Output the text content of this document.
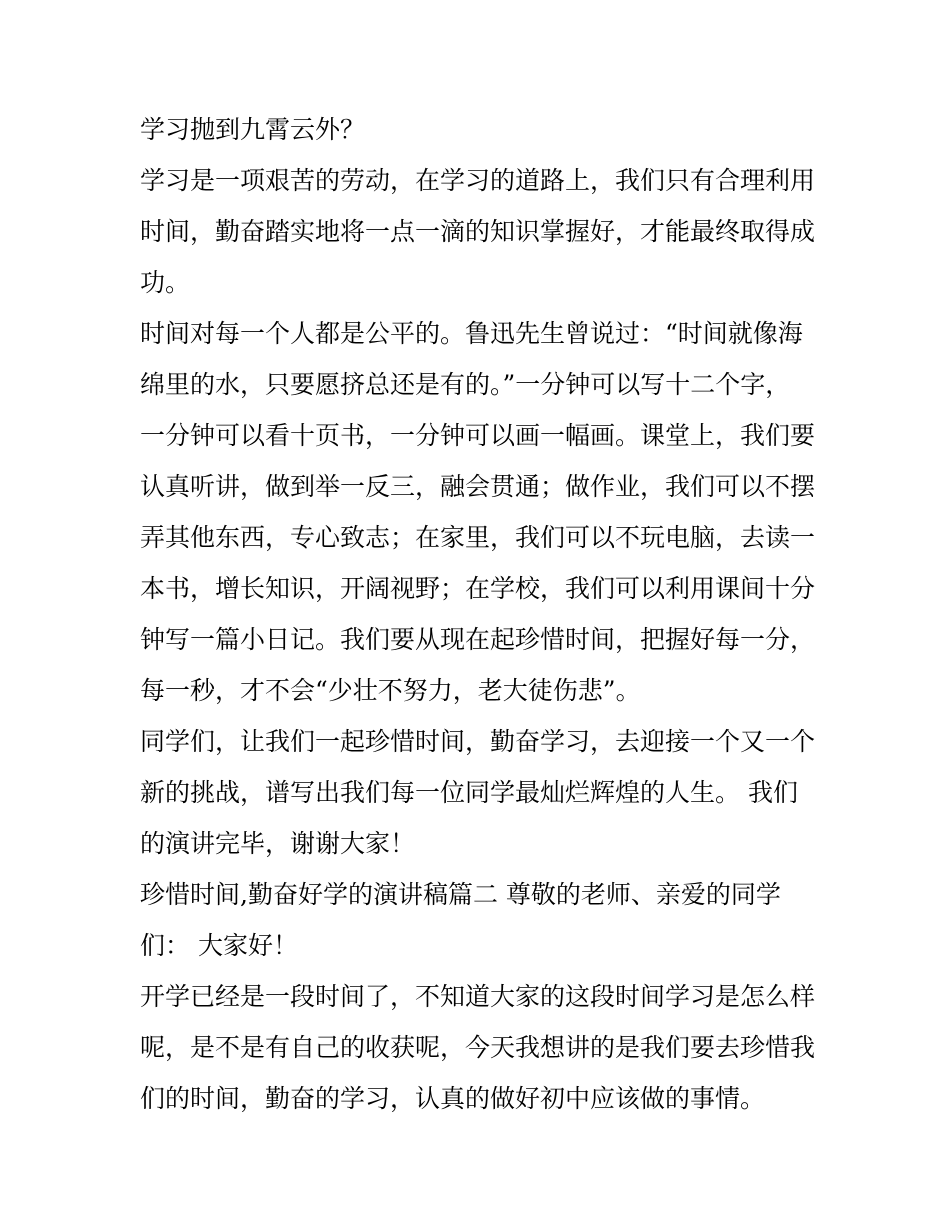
学习抛到九霄云外？

学习是一项艰苦的劳动，在学习的道路上，我们只有合理利用

时间，勤奋踏实地将一点一滴的知识掌握好，才能最终取得成

功。

时间对每一个人都是公平的。鲁迅先生曾说过：“时间就像海

绵里的水，只要愿挤总还是有的。”一分钟可以写十二个字，

一分钟可以看十页书，一分钟可以画一幅画。课堂上，我们要

认真听讲，做到举一反三，融会贯通；做作业，我们可以不摆

弄其他东西，专心致志；在家里，我们可以不玩电脑，去读一

本书，增长知识，开阔视野；在学校，我们可以利用课间十分

钟写一篇小日记。我们要从现在起珍惜时间，把握好每一分，

每一秒，才不会“少壮不努力，老大徒伤悲”。

同学们，让我们一起珍惜时间，勤奋学习，去迎接一个又一个

新的挑战，谱写出我们每一位同学最灿烂辉煌的人生。 我们

的演讲完毕，谢谢大家！

珍惜时间,勤奋好学的演讲稿篇二 尊敬的老师、亲爱的同学

们： 大家好！

开学已经是一段时间了，不知道大家的这段时间学习是怎么样

呢，是不是有自己的收获呢，今天我想讲的是我们要去珍惜我

们的时间，勤奋的学习，认真的做好初中应该做的事情。
